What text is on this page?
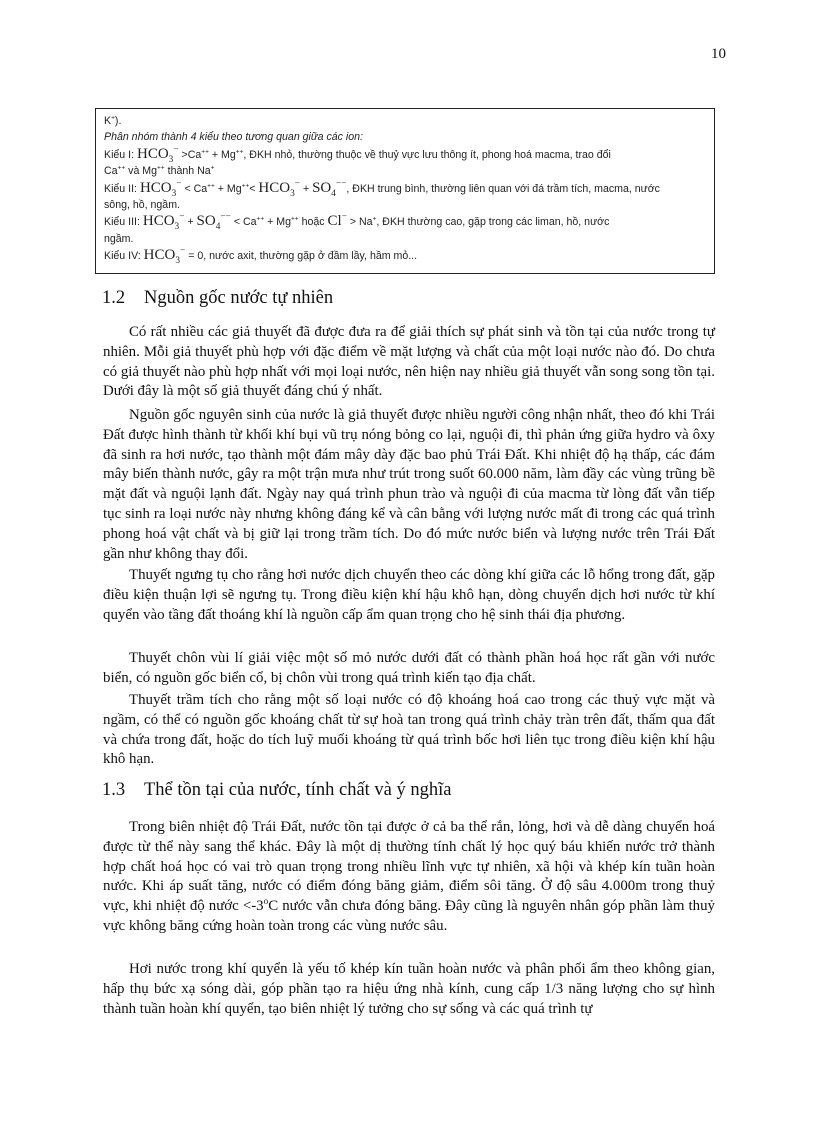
10

K+).

Phân nhóm thành 4 kiểu theo tương quan giữa các ion:

Kiểu I: $HCO_3^- >Ca^{++} + Mg^{++}$, ĐKH nhỏ, thường thuộc về thuỷ vực lưu thông ít, phong hoá macma, trao đổi

Ca++ và Mg++ thành Na+

Kiểu II: $HCO_3^- < Ca^{++} + Mg^{++}< HCO_3^- + SO_4^{--}$, ĐKH trung bình, thường liên quan với đá trầm tích, macma, nước

sông, hồ, ngầm.

Kiểu III: $HCO_3^- + SO_4^{--} < Ca^{++} + Mg^{++}$ hoặc Cl− > Na+, ĐKH thường cao, gặp trong các liman, hồ, nước

ngầm.

Kiểu IV: $HCO_3^- = 0$, nước axit, thường gặp ở đầm lầy, hầm mỏ...

1.2	Nguồn gốc nước tự nhiên

Có rất nhiều các giả thuyết đã được đưa ra để giải thích sự phát sinh và tồn tại của nước trong tự nhiên. Mỗi giả thuyết phù hợp với đặc điểm về mặt lượng và chất của một loại nước nào đó. Do chưa có giả thuyết nào phù hợp nhất với mọi loại nước, nên hiện nay nhiều giả thuyết vẫn song song tồn tại. Dưới đây là một số giả thuyết đáng chú ý nhất.

Nguồn gốc nguyên sinh của nước là giả thuyết được nhiều người công nhận nhất, theo đó khi Trái Đất được hình thành từ khối khí bụi vũ trụ nóng bỏng co lại, nguội đi, thì phản ứng giữa hydro và ôxy đã sinh ra hơi nước, tạo thành một đám mây dày đặc bao phủ Trái Đất. Khi nhiệt độ hạ thấp, các đám mây biến thành nước, gây ra một trận mưa như trút trong suốt 60.000 năm, làm đầy các vùng trũng bề mặt đất và nguội lạnh đất. Ngày nay quá trình phun trào và nguội đi của macma từ lòng đất vẫn tiếp tục sinh ra loại nước này nhưng không đáng kể và cân bằng với lượng nước mất đi trong các quá trình phong hoá vật chất và bị giữ lại trong trầm tích. Do đó mức nước biển và lượng nước trên Trái Đất gần như không thay đổi.

Thuyết ngưng tụ cho rằng hơi nước dịch chuyển theo các dòng khí giữa các lỗ hổng trong đất, gặp điều kiện thuận lợi sẽ ngưng tụ. Trong điều kiện khí hậu khô hạn, dòng chuyển dịch hơi nước từ khí quyển vào tầng đất thoáng khí là nguồn cấp ẩm quan trọng cho hệ sinh thái địa phương.

Thuyết chôn vùi lí giải việc một số mỏ nước dưới đất có thành phần hoá học rất gần với nước biển, có nguồn gốc biển cổ, bị chôn vùi trong quá trình kiến tạo địa chất.

Thuyết trầm tích cho rằng một số loại nước có độ khoáng hoá cao trong các thuỷ vực mặt và ngầm, có thể có nguồn gốc khoáng chất từ sự hoà tan trong quá trình chảy tràn trên đất, thấm qua đất và chứa trong đất, hoặc do tích luỹ muối khoáng từ quá trình bốc hơi liên tục trong điều kiện khí hậu khô hạn.

1.3	Thể tồn tại của nước, tính chất và ý nghĩa

Trong biên nhiệt độ Trái Đất, nước tồn tại được ở cả ba thể rắn, lỏng, hơi và dễ dàng chuyển hoá được từ thể này sang thể khác. Đây là một dị thường tính chất lý học quý báu khiến nước trở thành hợp chất hoá học có vai trò quan trọng trong nhiều lĩnh vực tự nhiên, xã hội và khép kín tuần hoàn nước. Khi áp suất tăng, nước có điểm đóng băng giảm, điểm sôi tăng. Ở độ sâu 4.000m trong thuỷ vực, khi nhiệt độ nước $<-3^oC$ nước vẫn chưa đóng băng. Đây cũng là nguyên nhân góp phần làm thuỷ vực không băng cứng hoàn toàn trong các vùng nước sâu.

Hơi nước trong khí quyển là yếu tố khép kín tuần hoàn nước và phân phối ẩm theo không gian, hấp thụ bức xạ sóng dài, góp phần tạo ra hiệu ứng nhà kính, cung cấp 1/3 năng lượng cho sự hình thành tuần hoàn khí quyển, tạo biên nhiệt lý tưởng cho sự sống và các quá trình tự
